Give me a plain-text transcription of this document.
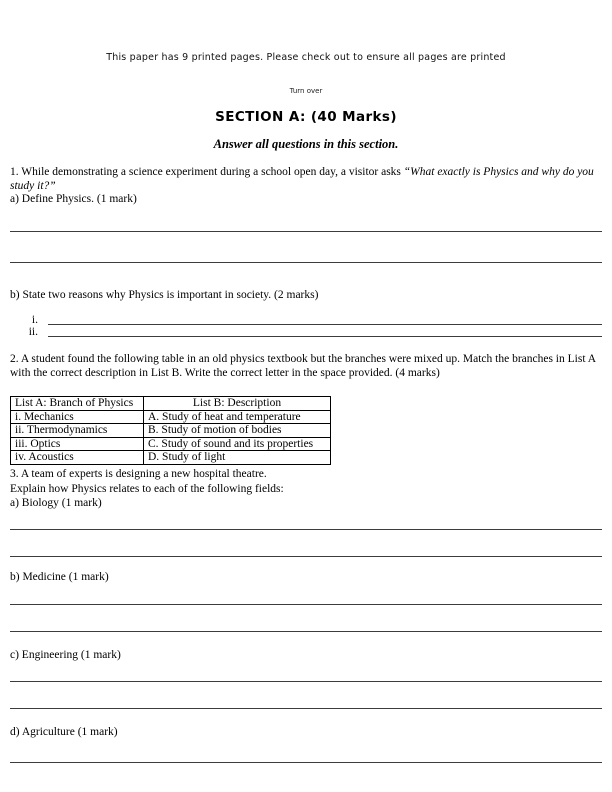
This paper has 9 printed pages. Please check out to ensure all pages are printed
Turn over
SECTION A: (40 Marks)
Answer all questions in this section.

1. While demonstrating a science experiment during a school open day, a visitor asks “What exactly is Physics and why do you study it?”

a) Define Physics. (1 mark)
b) State two reasons why Physics is important in society. (2 marks)
i.
ii.

2. A student found the following table in an old physics textbook but the branches were mixed up. Match the branches in List A with the correct description in List B. Write the correct letter in the space provided. (4 marks)

List A: Branch of Physics	List B: Description
i. Mechanics	A. Study of heat and temperature
ii. Thermodynamics	B. Study of motion of bodies
iii. Optics	C. Study of sound and its properties
iv. Acoustics	D. Study of light
3. A team of experts is designing a new hospital theatre.
Explain how Physics relates to each of the following fields:
a) Biology (1 mark)
b) Medicine (1 mark)
c) Engineering (1 mark)
d) Agriculture (1 mark)
